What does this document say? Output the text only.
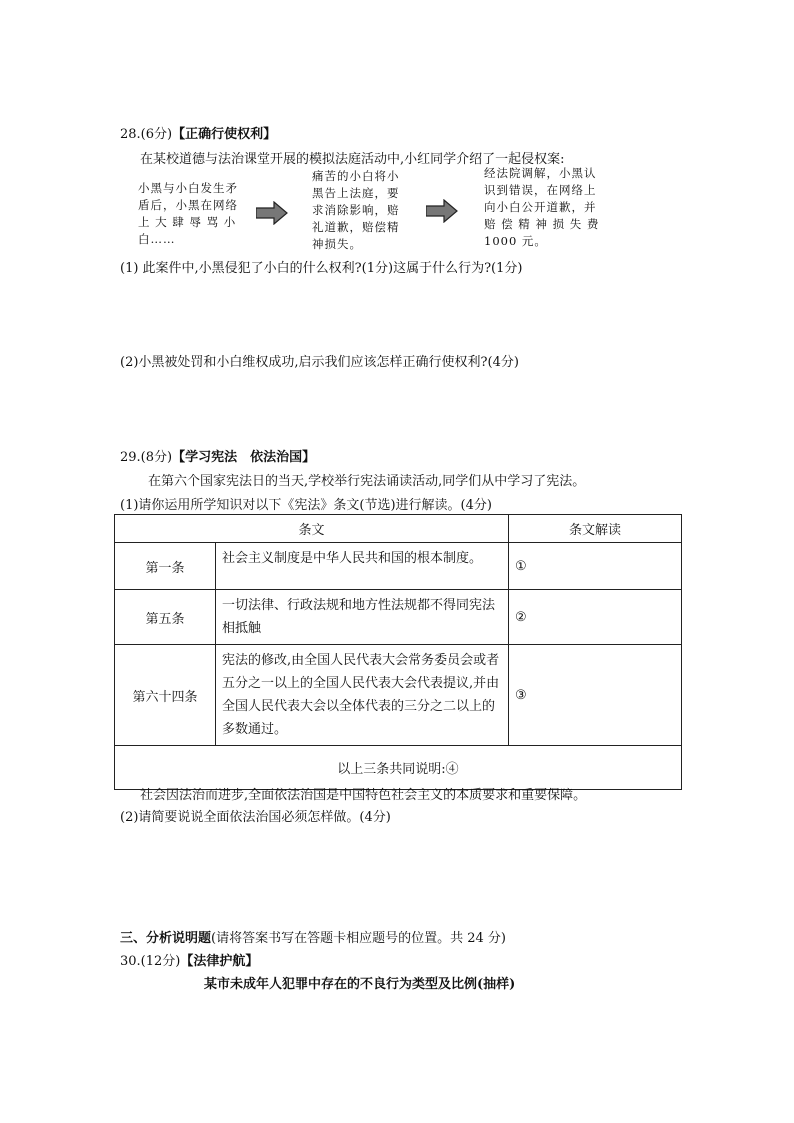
28.(6分)【正确行使权利】
在某校道德与法治课堂开展的模拟法庭活动中,小红同学介绍了一起侵权案:
小黑与小白发生矛
盾后，小黑在网络
上 大 肆 辱 骂 小
白……
痛苦的小白将小
黑告上法庭，要
求消除影响，赔
礼道歉，赔偿精
神损失。
经法院调解，小黑认
识到错误，在网络上
向小白公开道歉，并
赔 偿 精 神 损 失 费
1000 元。
(1) 此案件中,小黑侵犯了小白的什么权利?(1分)这属于什么行为?(1分)
(2)小黑被处罚和小白维权成功,启示我们应该怎样正确行使权利?(4分)
29.(8分)【学习宪法　依法治国】
在第六个国家宪法日的当天,学校举行宪法诵读活动,同学们从中学习了宪法。
(1)请你运用所学知识对以下《宪法》条文(节选)进行解读。(4分)
条文		条文解读
第一条	社会主义制度是中华人民共和国的根本制度。	①
第五条	一切法律、行政法规和地方性法规都不得同宪法相抵触	②
第六十四条	宪法的修改,由全国人民代表大会常务委员会或者五分之一以上的全国人民代表大会代表提议,并由全国人民代表大会以全体代表的三分之二以上的多数通过。	③
以上三条共同说明:④		
社会因法治而进步,全面依法治国是中国特色社会主义的本质要求和重要保障。
(2)请简要说说全面依法治国必须怎样做。(4分)
三、分析说明题(请将答案书写在答题卡相应题号的位置。共 24 分)
30.(12分)【法律护航】
某市未成年人犯罪中存在的不良行为类型及比例(抽样)
